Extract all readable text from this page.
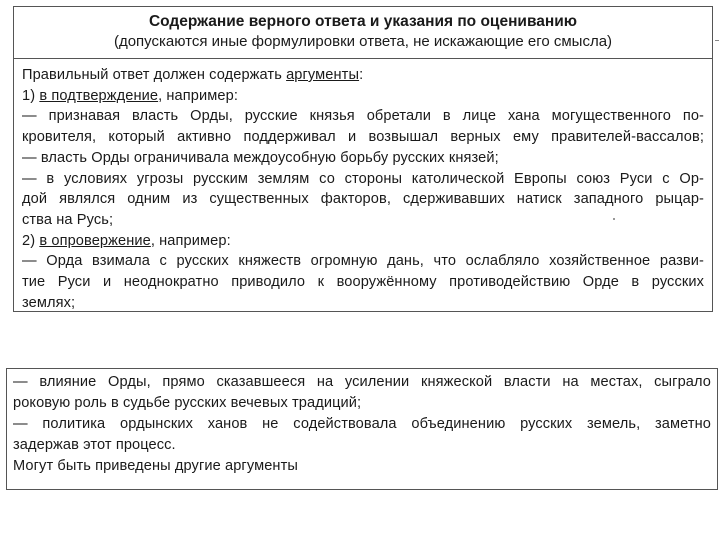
Содержание верного ответа и указания по оцениванию
(допускаются иные формулировки ответа, не искажающие его смысла)
Правильный ответ должен содержать аргументы:
1) в подтверждение, например:
— признавая власть Орды, русские князья обретали в лице хана могущественного по-
кровителя, который активно поддерживал и возвышал верных ему правителей-вассалов;
— власть Орды ограничивала междоусобную борьбу русских князей;
— в условиях угрозы русским землям со стороны католической Европы союз Руси с Ор-
дой являлся одним из существенных факторов, сдерживавших натиск западного рыцар-
ства на Русь;
2) в опровержение, например:
— Орда взимала с русских княжеств огромную дань, что ослабляло хозяйственное разви-
тие Руси и неоднократно приводило к вооружённому противодействию Орде в русских
землях;
— влияние Орды, прямо сказавшееся на усилении княжеской власти на местах, сыграло
роковую роль в судьбе русских вечевых традиций;
— политика ордынских ханов не содействовала объединению русских земель, заметно
задержав этот процесс.
Могут быть приведены другие аргументы
